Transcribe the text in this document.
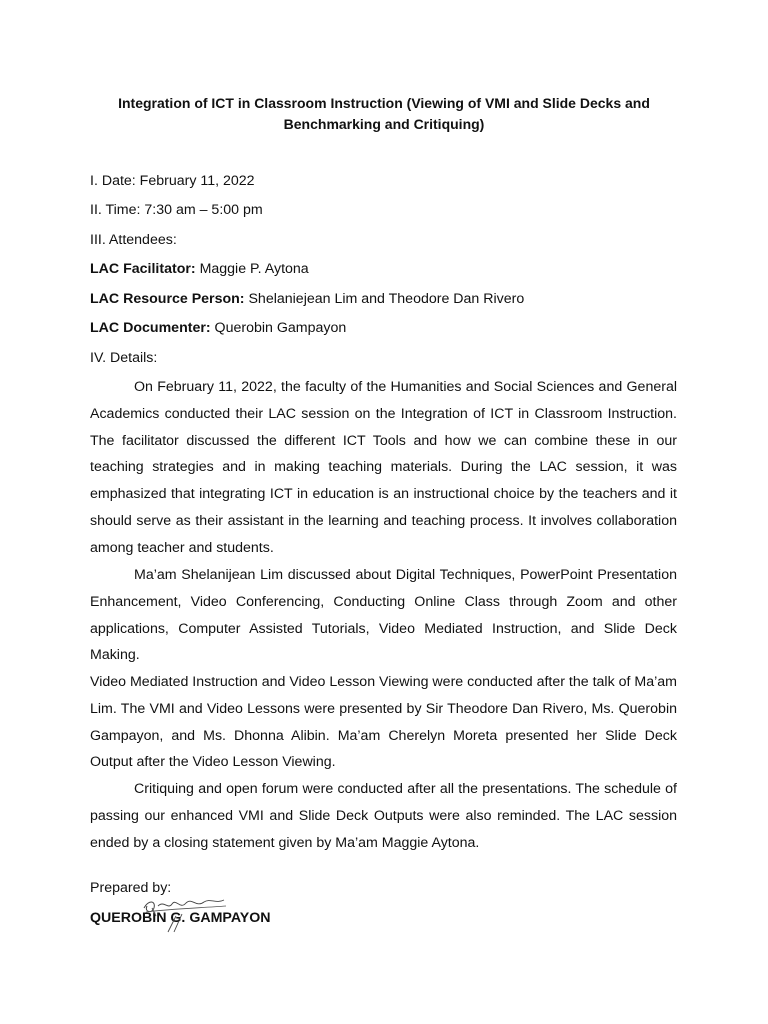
Integration of ICT in Classroom Instruction (Viewing of VMI and Slide Decks and Benchmarking and Critiquing)

I. Date: February 11, 2022

II. Time: 7:30 am – 5:00 pm

III. Attendees:

LAC Facilitator: Maggie P. Aytona

LAC Resource Person: Shelaniejean Lim and Theodore Dan Rivero

LAC Documenter: Querobin Gampayon

IV. Details:

On February 11, 2022, the faculty of the Humanities and Social Sciences and General Academics conducted their LAC session on the Integration of ICT in Classroom Instruction. The facilitator discussed the different ICT Tools and how we can combine these in our teaching strategies and in making teaching materials. During the LAC session, it was emphasized that integrating ICT in education is an instructional choice by the teachers and it should serve as their assistant in the learning and teaching process. It involves collaboration among teacher and students.

Ma’am Shelanijean Lim discussed about Digital Techniques, PowerPoint Presentation Enhancement, Video Conferencing, Conducting Online Class through Zoom and other applications, Computer Assisted Tutorials, Video Mediated Instruction, and Slide Deck Making.

Video Mediated Instruction and Video Lesson Viewing were conducted after the talk of Ma’am Lim. The VMI and Video Lessons were presented by Sir Theodore Dan Rivero, Ms. Querobin Gampayon, and Ms. Dhonna Alibin. Ma’am Cherelyn Moreta presented her Slide Deck Output after the Video Lesson Viewing.

Critiquing and open forum were conducted after all the presentations. The schedule of passing our enhanced VMI and Slide Deck Outputs were also reminded. The LAC session ended by a closing statement given by Ma’am Maggie Aytona.

Prepared by:

QUEROBIN G. GAMPAYON
